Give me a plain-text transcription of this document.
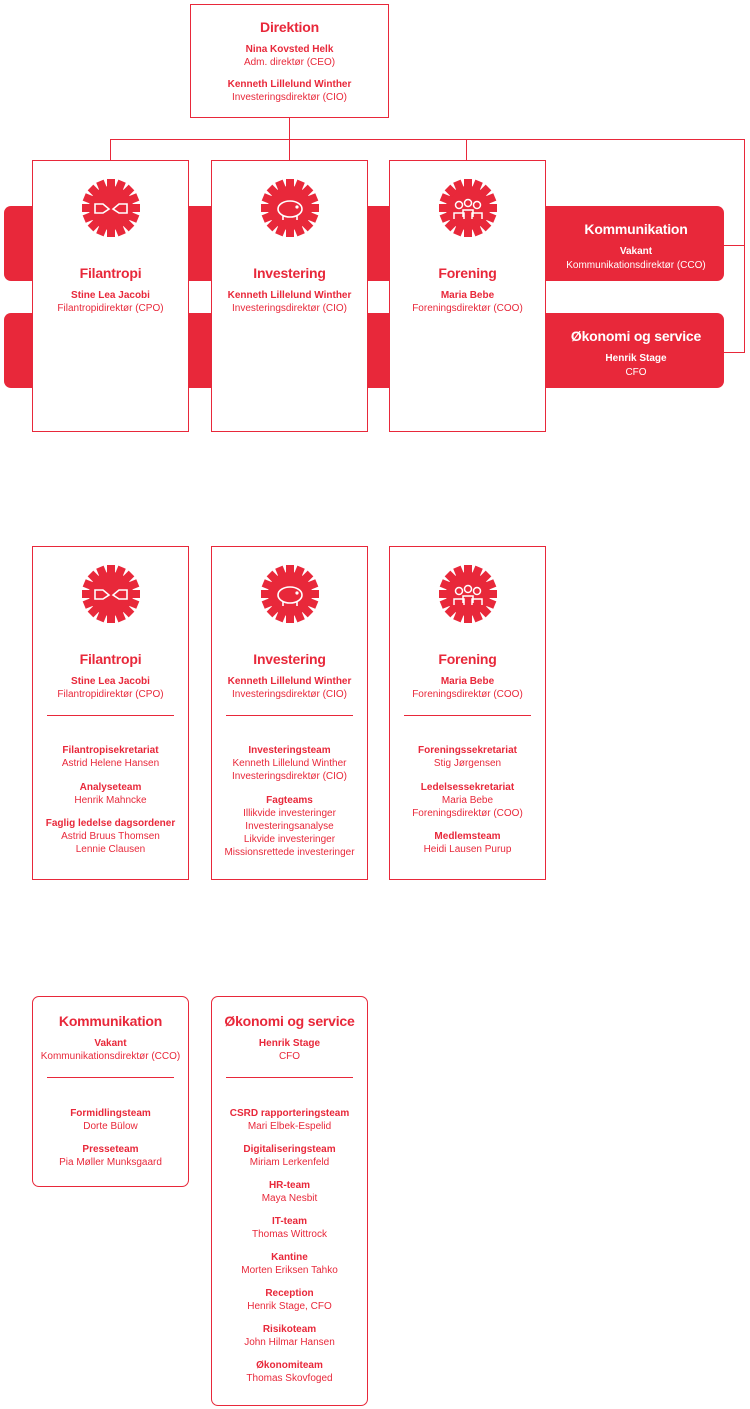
Direktion
Nina Kovsted Helk
Adm. direktør (CEO)
Kenneth Lillelund Winther
Investeringsdirektør (CIO)
Filantropi
Stine Lea Jacobi
Filantropidirektør (CPO)
Investering
Kenneth Lillelund Winther
Investeringsdirektør (CIO)
Forening
Maria Bebe
Foreningsdirektør (COO)
Kommunikation
Vakant
Kommunikationsdirektør (CCO)
Økonomi og service
Henrik Stage
CFO
Filantropi
Stine Lea Jacobi
Filantropidirektør (CPO)
Filantropisekretariat
Astrid Helene Hansen
Analyseteam
Henrik Mahncke
Faglig ledelse dagsordener
Astrid Bruus Thomsen
Lennie Clausen
Investering
Kenneth Lillelund Winther
Investeringsdirektør (CIO)
Investeringsteam
Kenneth Lillelund Winther
Investeringsdirektør (CIO)
Fagteams
Illikvide investeringer
Investeringsanalyse
Likvide investeringer
Missionsrettede investeringer
Forening
Maria Bebe
Foreningsdirektør (COO)
Foreningssekretariat
Stig Jørgensen
Ledelsessekretariat
Maria Bebe
Foreningsdirektør (COO)
Medlemsteam
Heidi Lausen Purup
Kommunikation
Vakant
Kommunikationsdirektør (CCO)
Formidlingsteam
Dorte Bülow
Presseteam
Pia Møller Munksgaard
Økonomi og service
Henrik Stage
CFO
CSRD rapporteringsteam
Mari Elbek-Espelid
Digitaliseringsteam
Miriam Lerkenfeld
HR-team
Maya Nesbit
IT-team
Thomas Wittrock
Kantine
Morten Eriksen Tahko
Reception
Henrik Stage, CFO
Risikoteam
John Hilmar Hansen
Økonomiteam
Thomas Skovfoged
